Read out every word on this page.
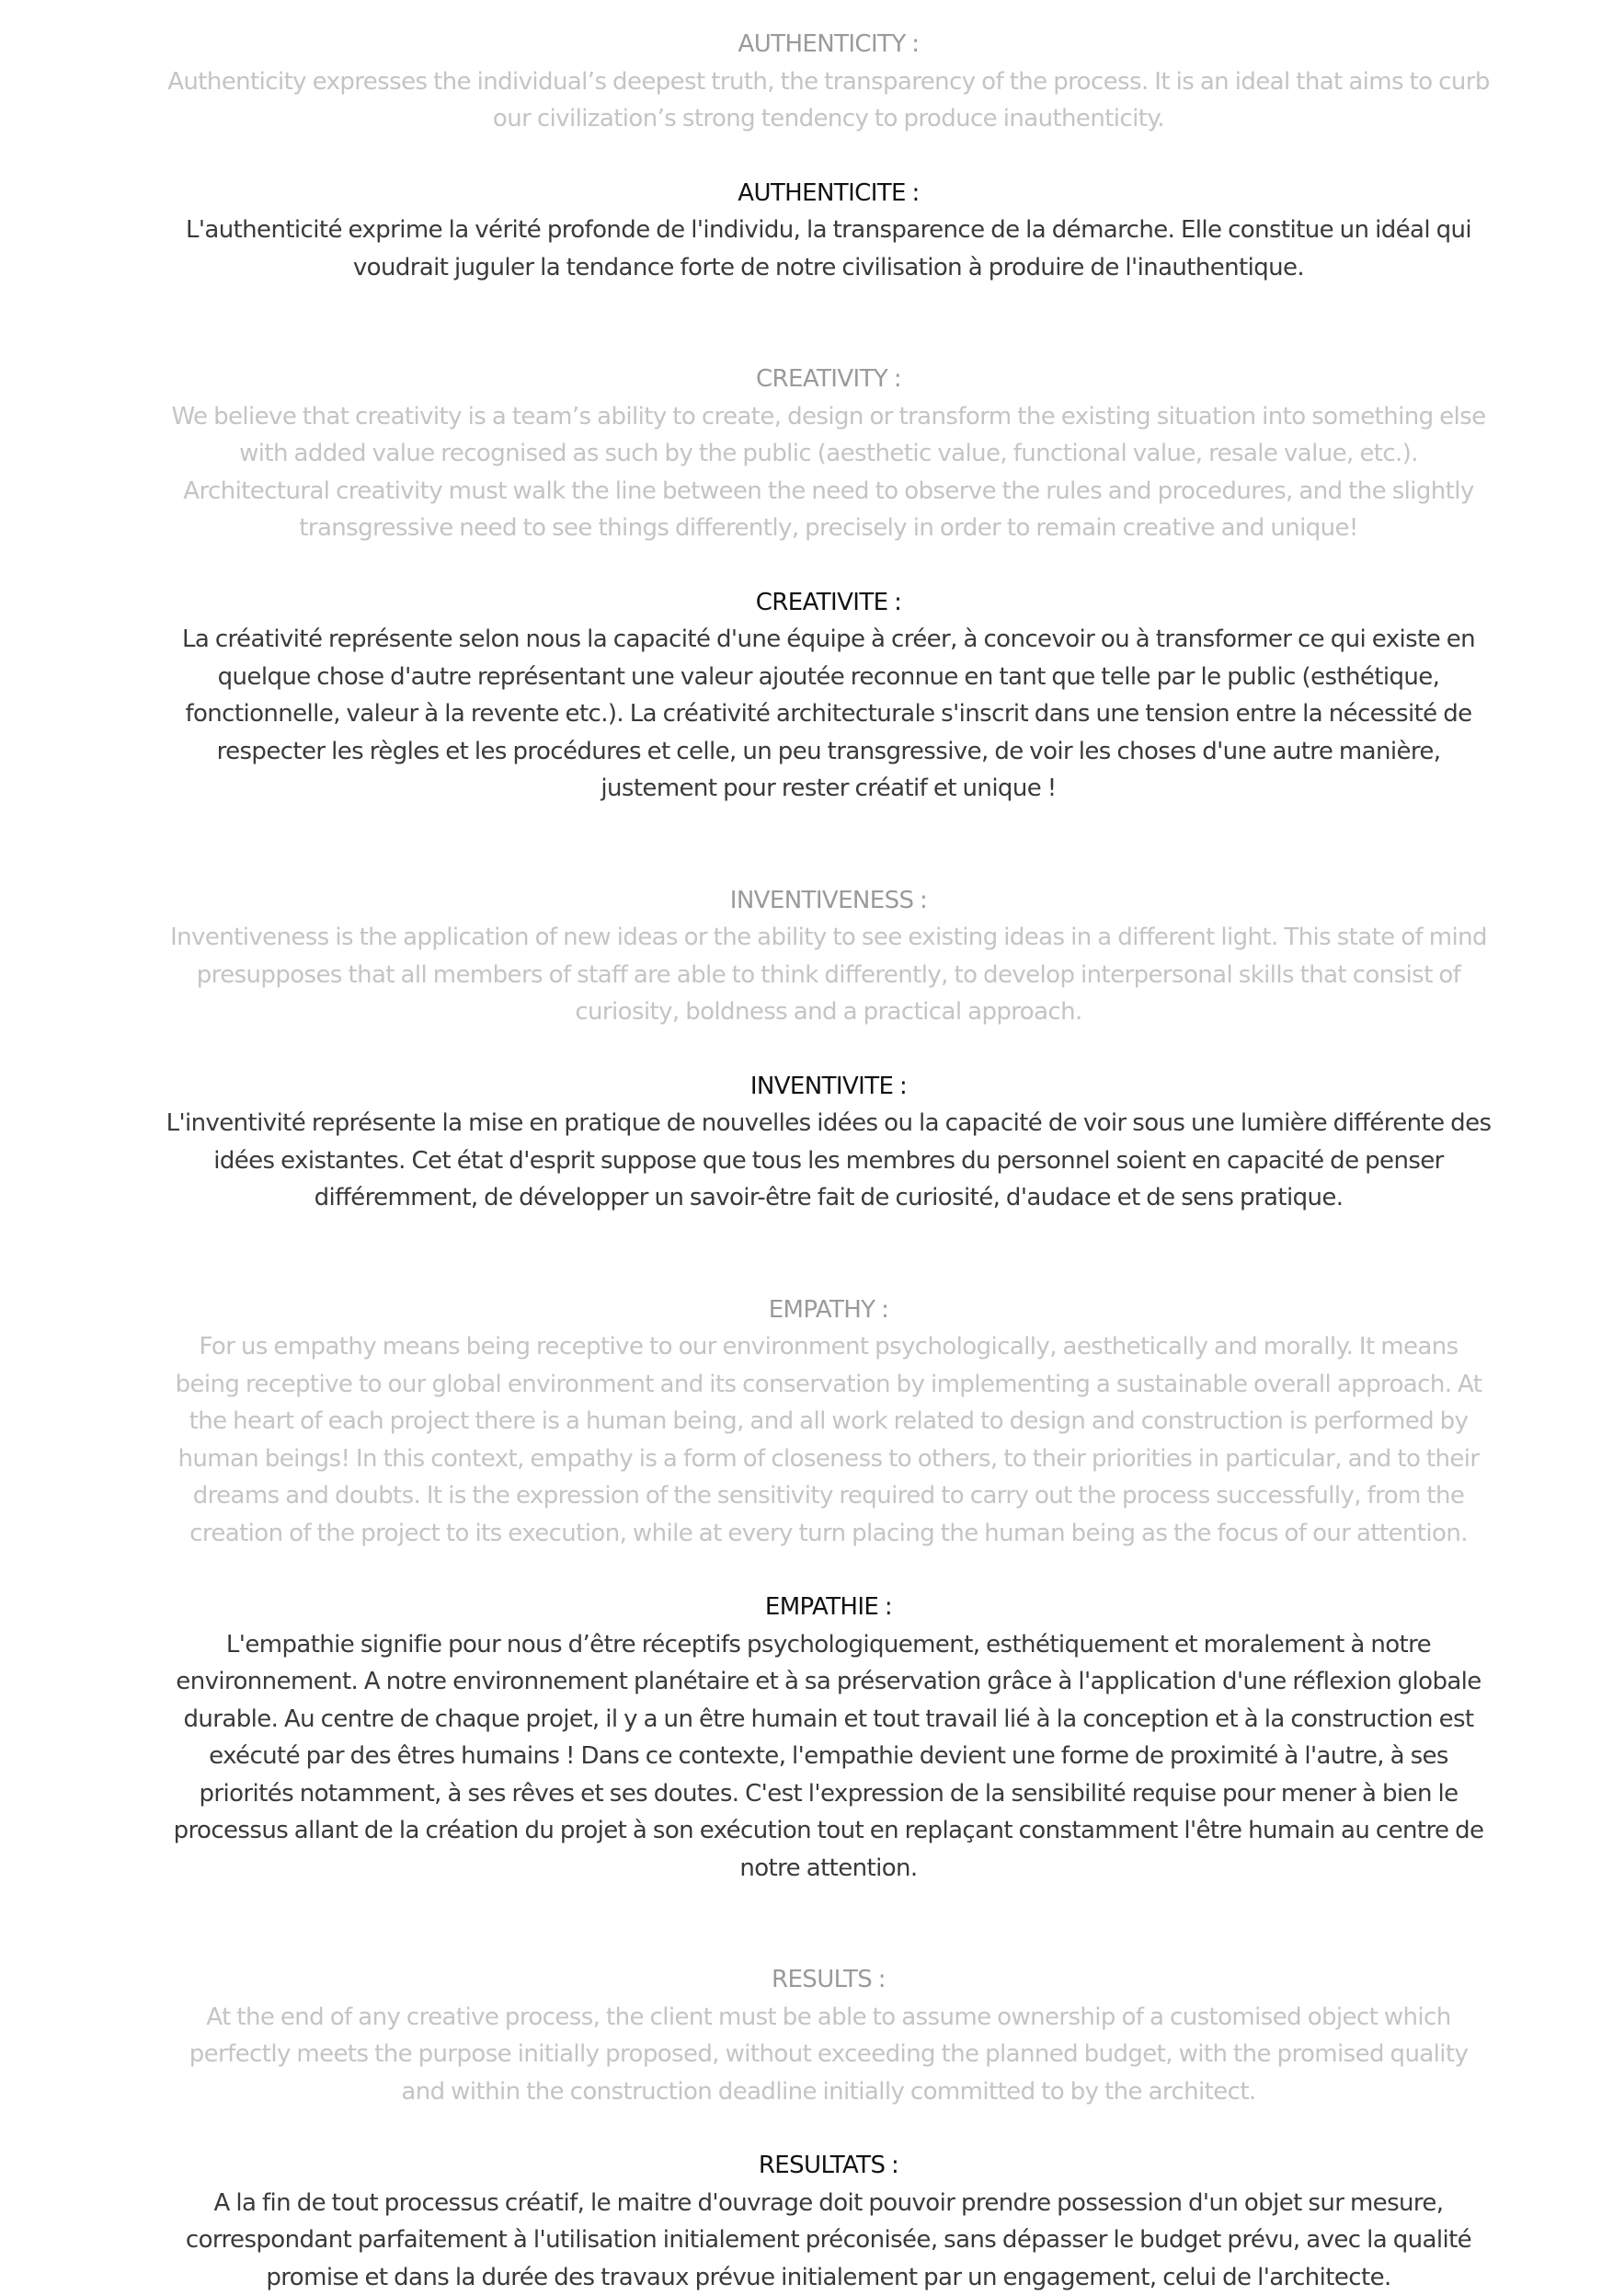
AUTHENTICITY :

Authenticity expresses the individual’s deepest truth, the transparency of the process. It is an ideal that aims to curb our civilization’s strong tendency to produce inauthenticity.

AUTHENTICITE :

L'authenticité exprime la vérité profonde de l'individu, la transparence de la démarche. Elle constitue un idéal qui voudrait juguler la tendance forte de notre civilisation à produire de l'inauthentique.

CREATIVITY :

We believe that creativity is a team’s ability to create, design or transform the existing situation into something else with added value recognised as such by the public (aesthetic value, functional value, resale value, etc.). Architectural creativity must walk the line between the need to observe the rules and procedures, and the slightly transgressive need to see things differently, precisely in order to remain creative and unique!

CREATIVITE :

La créativité représente selon nous la capacité d'une équipe à créer, à concevoir ou à transformer ce qui existe en quelque chose d'autre représentant une valeur ajoutée reconnue en tant que telle par le public (esthétique, fonctionnelle, valeur à la revente etc.). La créativité architecturale s'inscrit dans une tension entre la nécessité de respecter les règles et les procédures et celle, un peu transgressive, de voir les choses d'une autre manière, justement pour rester créatif et unique !

INVENTIVENESS :

Inventiveness is the application of new ideas or the ability to see existing ideas in a different light. This state of mind presupposes that all members of staff are able to think differently, to develop interpersonal skills that consist of curiosity, boldness and a practical approach.

INVENTIVITE :

L'inventivité représente la mise en pratique de nouvelles idées ou la capacité de voir sous une lumière différente des idées existantes. Cet état d'esprit suppose que tous les membres du personnel soient en capacité de penser différemment, de développer un savoir-être fait de curiosité, d'audace et de sens pratique.

EMPATHY :

For us empathy means being receptive to our environment psychologically, aesthetically and morally. It means being receptive to our global environment and its conservation by implementing a sustainable overall approach. At the heart of each project there is a human being, and all work related to design and construction is performed by human beings! In this context, empathy is a form of closeness to others, to their priorities in particular, and to their dreams and doubts. It is the expression of the sensitivity required to carry out the process successfully, from the creation of the project to its execution, while at every turn placing the human being as the focus of our attention.

EMPATHIE :

L'empathie signifie pour nous d’être réceptifs psychologiquement, esthétiquement et moralement à notre environnement. A notre environnement planétaire et à sa préservation grâce à l'application d'une réflexion globale durable. Au centre de chaque projet, il y a un être humain et tout travail lié à la conception et à la construction est exécuté par des êtres humains ! Dans ce contexte, l'empathie devient une forme de proximité à l'autre, à ses priorités notamment, à ses rêves et ses doutes. C'est l'expression de la sensibilité requise pour mener à bien le processus allant de la création du projet à son exécution tout en replaçant constamment l'être humain au centre de notre attention.

RESULTS :

At the end of any creative process, the client must be able to assume ownership of a customised object which perfectly meets the purpose initially proposed, without exceeding the planned budget, with the promised quality and within the construction deadline initially committed to by the architect.

RESULTATS :

A la fin de tout processus créatif, le maitre d'ouvrage doit pouvoir prendre possession d'un objet sur mesure, correspondant parfaitement à l'utilisation initialement préconisée, sans dépasser le budget prévu, avec la qualité promise et dans la durée des travaux prévue initialement par un engagement, celui de l'architecte.
